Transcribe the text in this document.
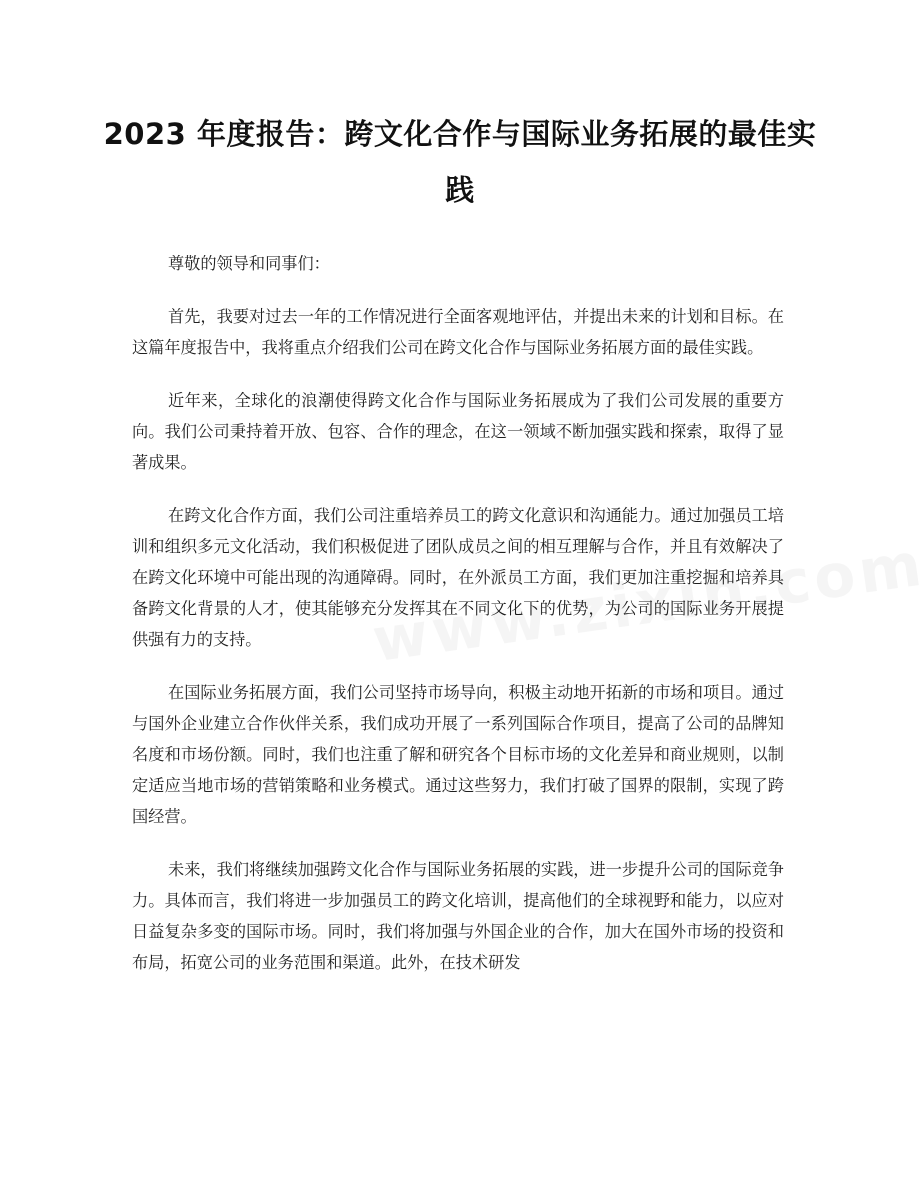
2023 年度报告：跨文化合作与国际业务拓展的最佳实践

尊敬的领导和同事们：

首先，我要对过去一年的工作情况进行全面客观地评估，并提出未来的计划和目标。在这篇年度报告中，我将重点介绍我们公司在跨文化合作与国际业务拓展方面的最佳实践。

近年来，全球化的浪潮使得跨文化合作与国际业务拓展成为了我们公司发展的重要方向。我们公司秉持着开放、包容、合作的理念，在这一领域不断加强实践和探索，取得了显著成果。

在跨文化合作方面，我们公司注重培养员工的跨文化意识和沟通能力。通过加强员工培训和组织多元文化活动，我们积极促进了团队成员之间的相互理解与合作，并且有效解决了在跨文化环境中可能出现的沟通障碍。同时，在外派员工方面，我们更加注重挖掘和培养具备跨文化背景的人才，使其能够充分发挥其在不同文化下的优势，为公司的国际业务开展提供强有力的支持。

在国际业务拓展方面，我们公司坚持市场导向，积极主动地开拓新的市场和项目。通过与国外企业建立合作伙伴关系，我们成功开展了一系列国际合作项目，提高了公司的品牌知名度和市场份额。同时，我们也注重了解和研究各个目标市场的文化差异和商业规则，以制定适应当地市场的营销策略和业务模式。通过这些努力，我们打破了国界的限制，实现了跨国经营。

未来，我们将继续加强跨文化合作与国际业务拓展的实践，进一步提升公司的国际竞争力。具体而言，我们将进一步加强员工的跨文化培训，提高他们的全球视野和能力，以应对日益复杂多变的国际市场。同时，我们将加强与外国企业的合作，加大在国外市场的投资和布局，拓宽公司的业务范围和渠道。此外，在技术研发
